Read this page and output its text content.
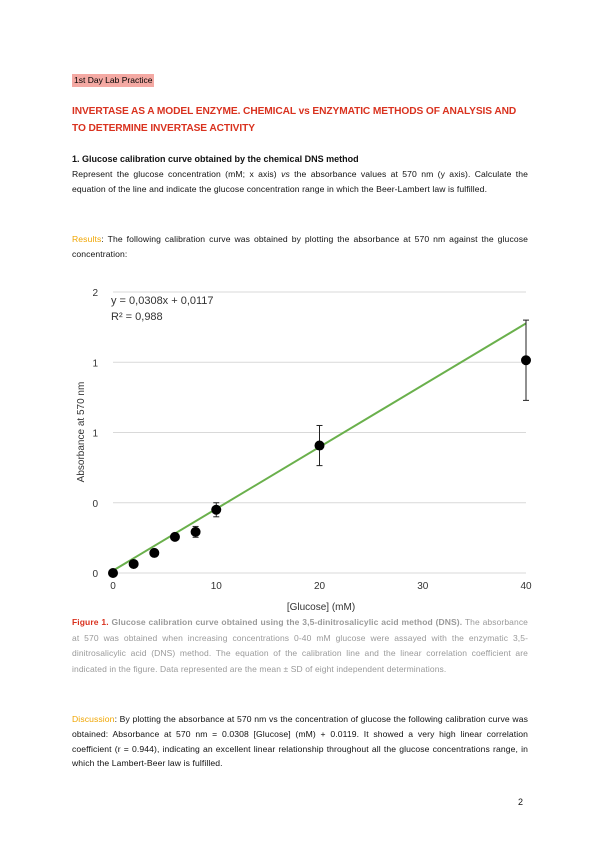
1st Day Lab Practice
INVERTASE AS A MODEL ENZYME. CHEMICAL vs ENZYMATIC METHODS OF ANALYSIS AND TO DETERMINE INVERTASE ACTIVITY
1. Glucose calibration curve obtained by the chemical DNS method
Represent the glucose concentration (mM; x axis) vs the absorbance values at 570 nm (y axis). Calculate the equation of the line and indicate the glucose concentration range in which the Beer-Lambert law is fulfilled.
Results: The following calibration curve was obtained by plotting the absorbance at 570 nm against the glucose concentration:
0
0
1
1
2
0	10	20	30	40
y = 0,0308x + 0,0117
R² = 0,988
[Glucose] (mM)
Absorbance at 570 nm
Figure 1. Glucose calibration curve obtained using the 3,5-dinitrosalicylic acid method (DNS). The absorbance at 570 was obtained when increasing concentrations 0-40 mM glucose were assayed with the enzymatic 3,5-dinitrosalicylic acid (DNS) method. The equation of the calibration line and the linear correlation coefficient are indicated in the figure. Data represented are the mean ± SD of eight independent determinations.
Discussion: By plotting the absorbance at 570 nm vs the concentration of glucose the following calibration curve was obtained: Absorbance at 570 nm = 0.0308 [Glucose] (mM) + 0.0119. It showed a very high linear correlation coefficient (r = 0.944), indicating an excellent linear relationship throughout all the glucose concentrations range, in which the Lambert-Beer law is fulfilled.
2
